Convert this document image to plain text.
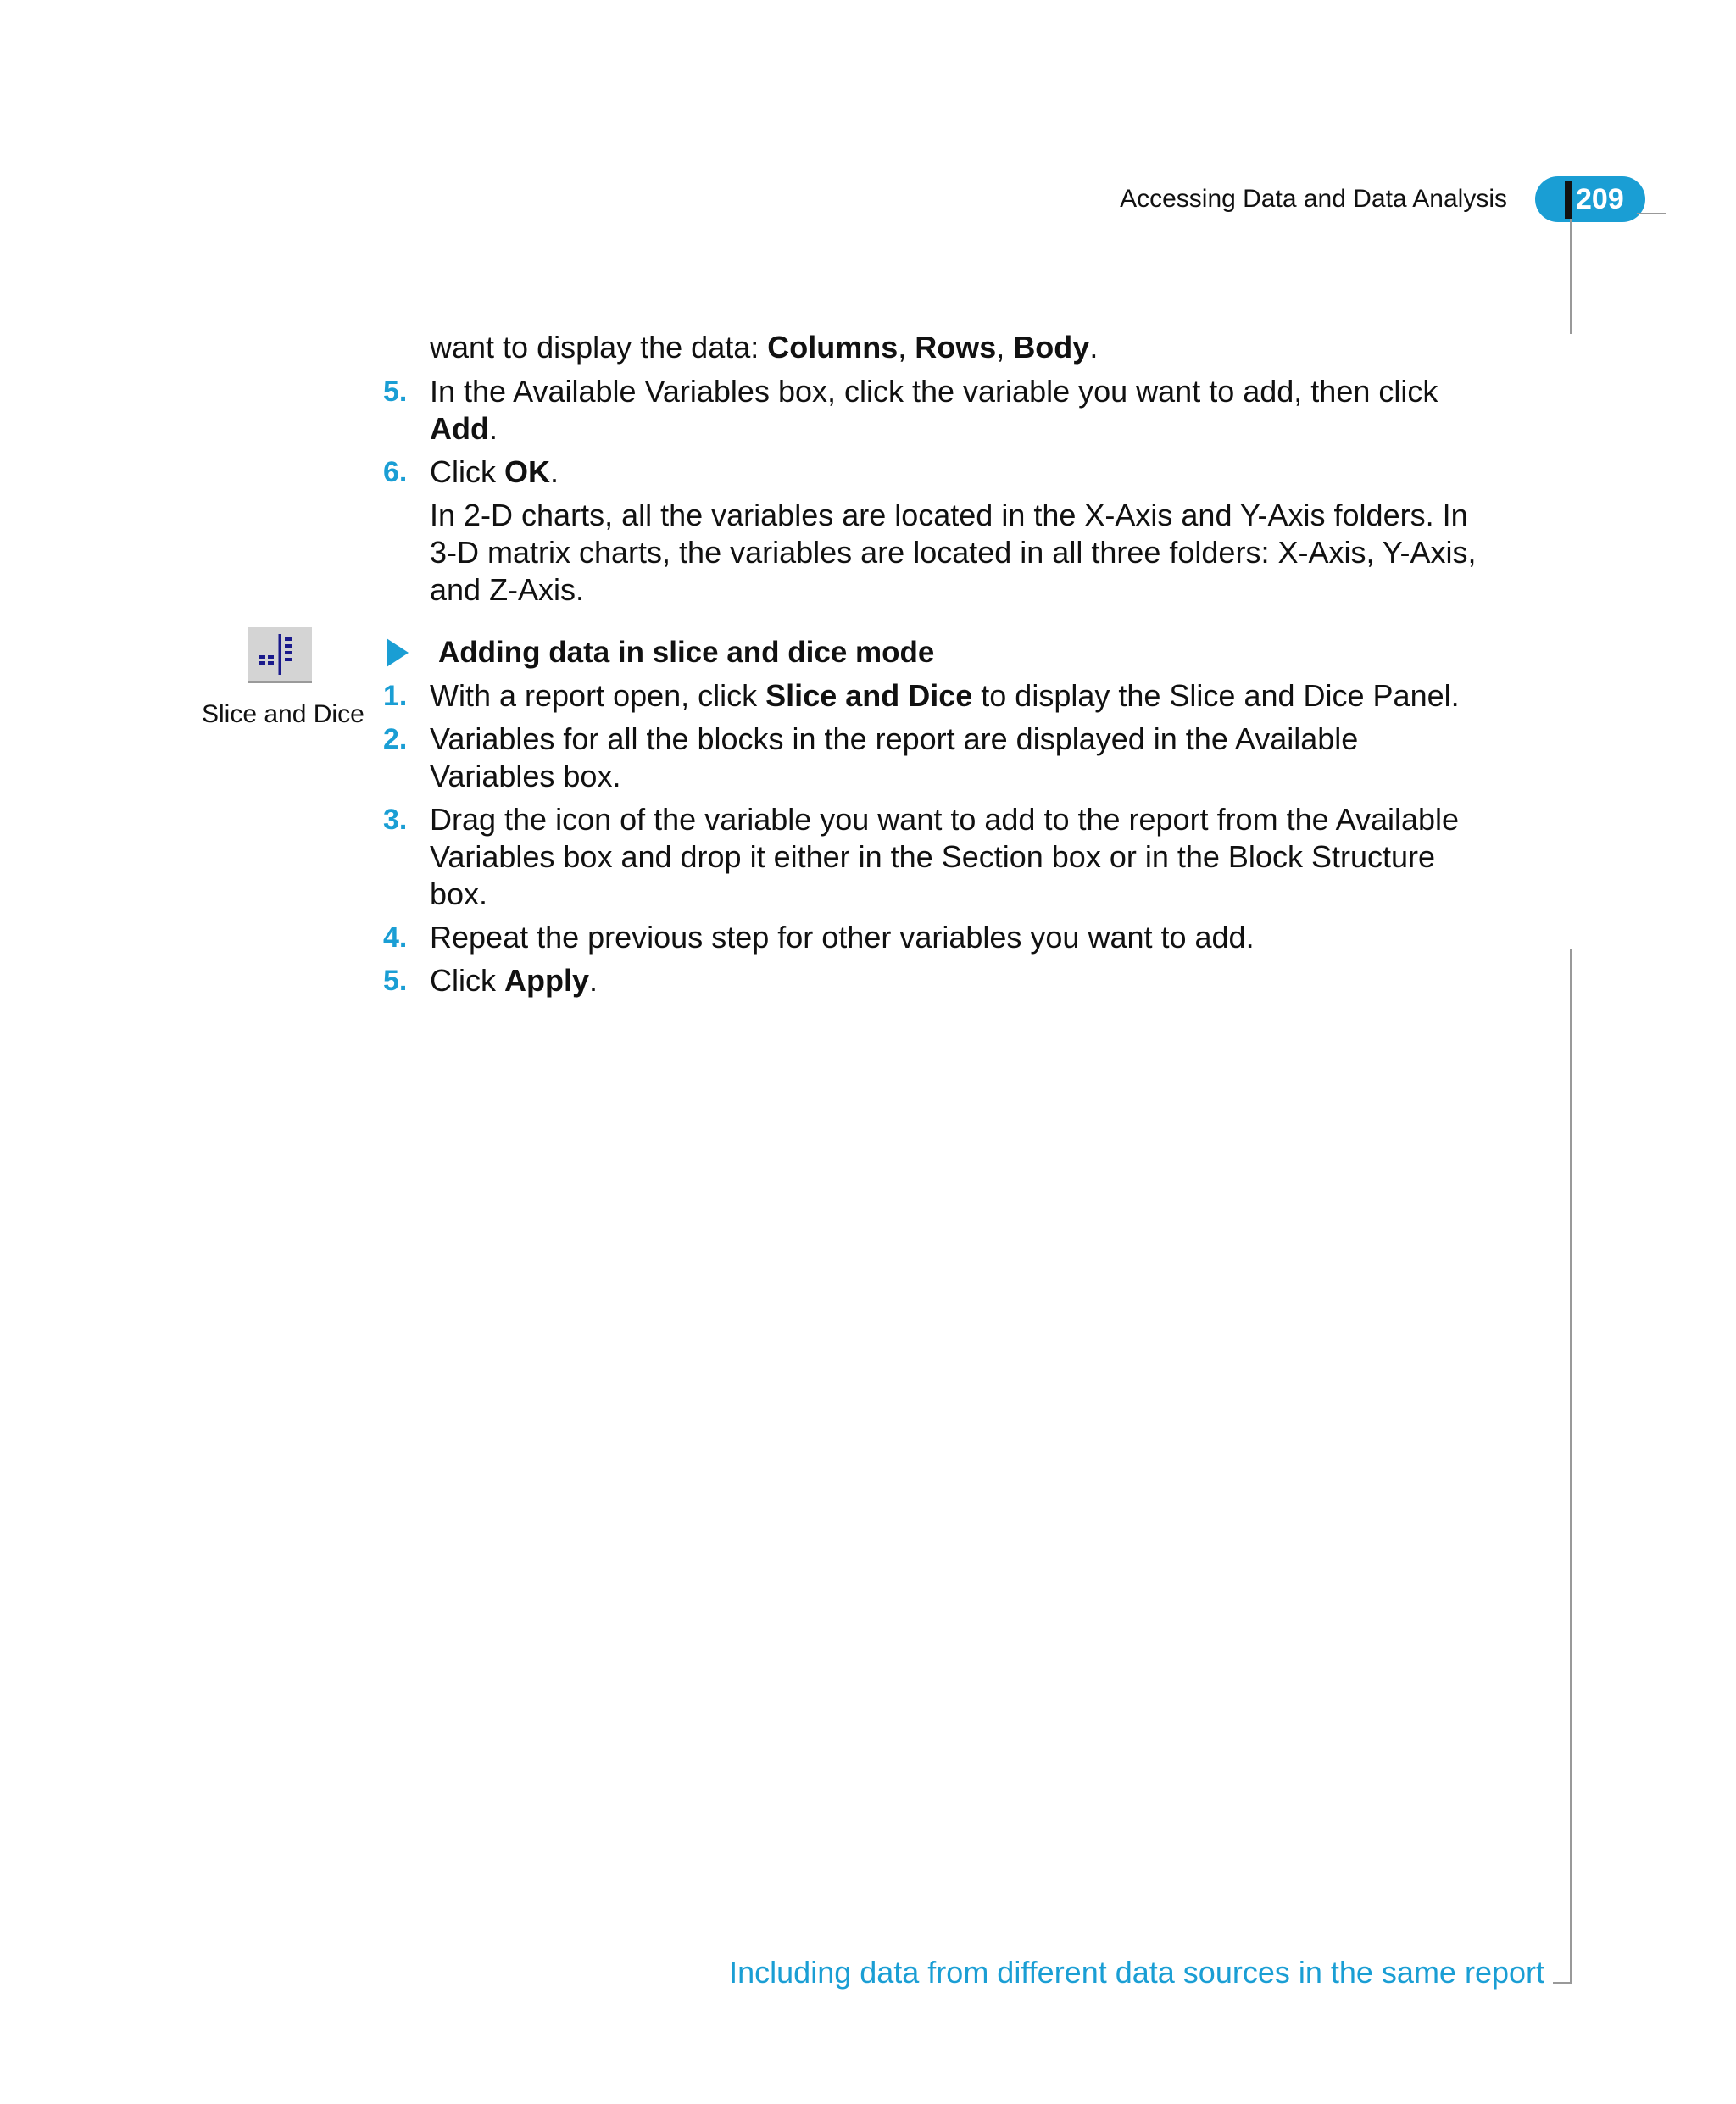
Accessing Data and Data Analysis	209
want to display the data: Columns, Rows, Body.
5. In the Available Variables box, click the variable you want to add, then click Add.
6. Click OK.
In 2-D charts, all the variables are located in the X-Axis and Y-Axis folders. In 3-D matrix charts, the variables are located in all three folders: X-Axis, Y-Axis, and Z-Axis.
Slice and Dice
Adding data in slice and dice mode
1. With a report open, click Slice and Dice to display the Slice and Dice Panel.
2. Variables for all the blocks in the report are displayed in the Available Variables box.
3. Drag the icon of the variable you want to add to the report from the Available Variables box and drop it either in the Section box or in the Block Structure box.
4. Repeat the previous step for other variables you want to add.
5. Click Apply.
Including data from different data sources in the same report
